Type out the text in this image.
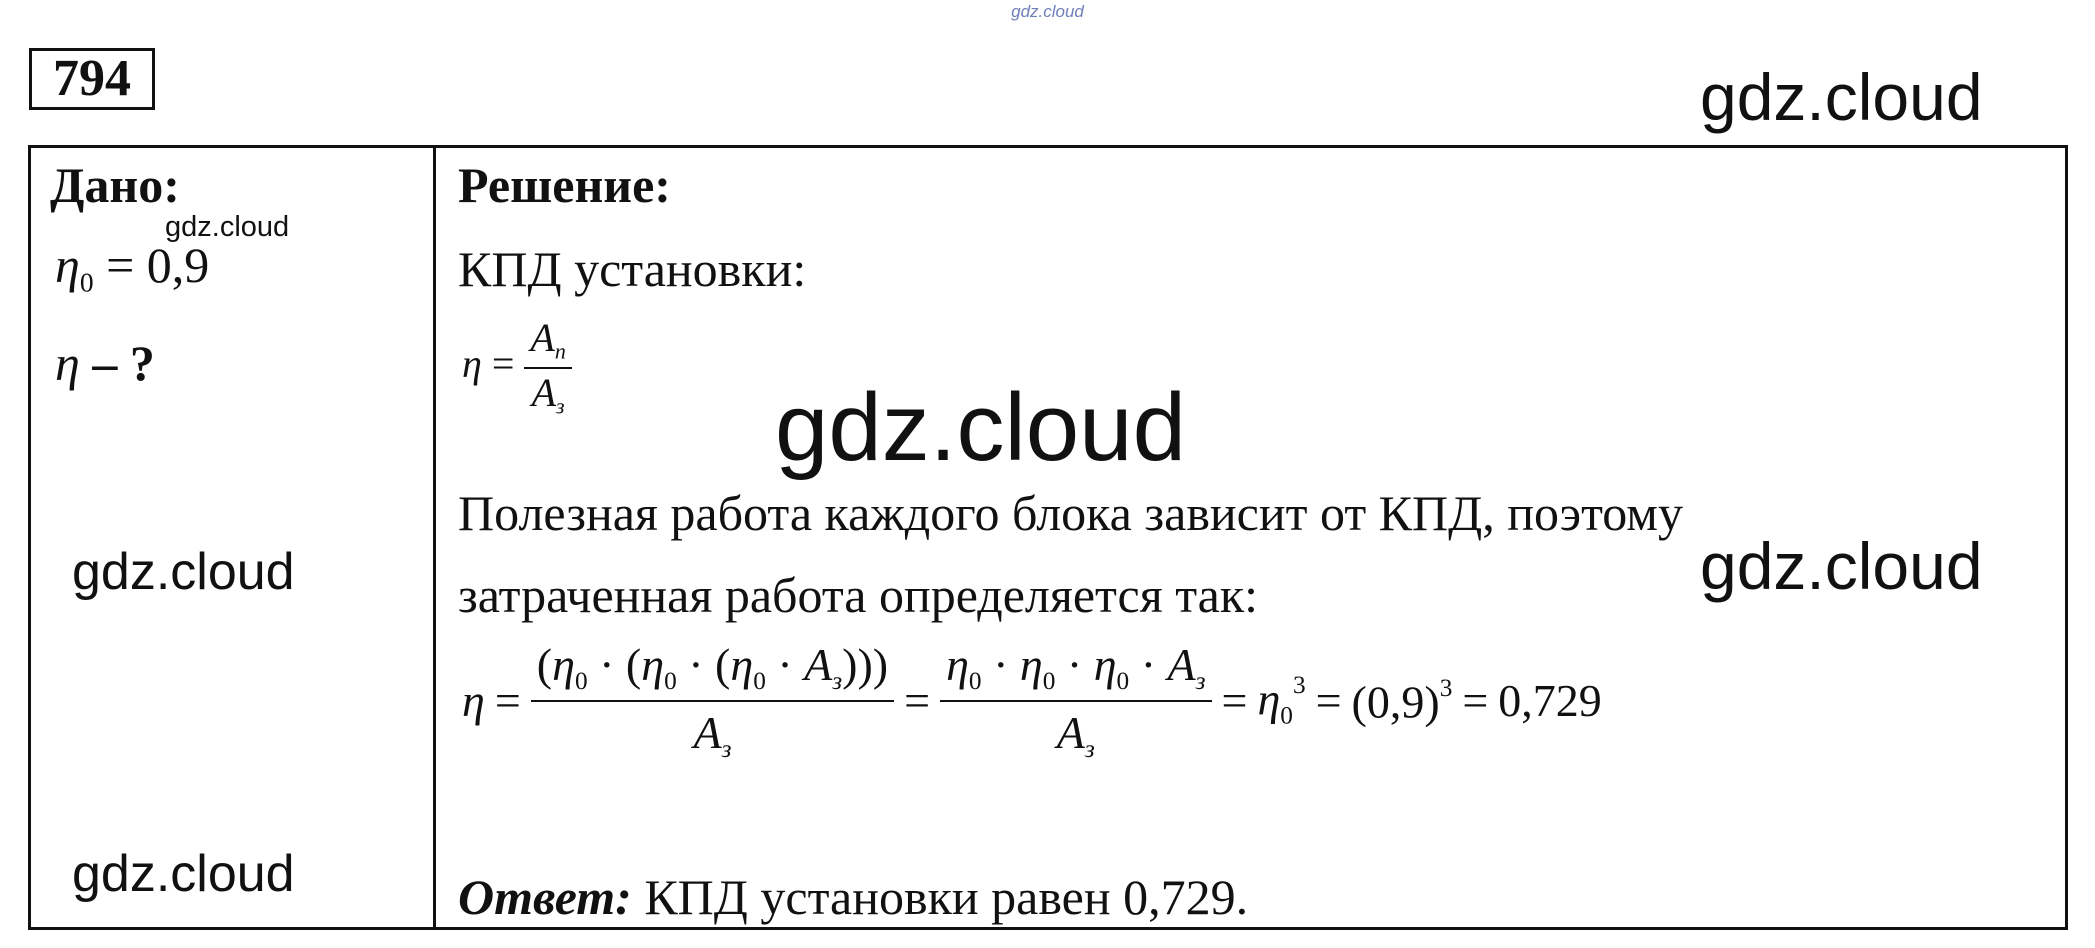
gdz.cloud
794	gdz.cloud
Дано:
gdz.cloud
$\eta_0 = 0,9$
η – ?
gdz.cloud
gdz.cloud
Решение:
КПД установки:
$\eta = \frac{Aп}{Aз}$
gdz.cloud
Полезная работа каждого блока зависит от КПД, поэтому
gdz.cloud
затраченная работа определяется так:
$\eta = \frac{(\eta_0 \cdot (\eta_0 \cdot (\eta_0 \cdot Aз)))}{Aз} = \frac{\eta_0 \cdot \eta_0 \cdot \eta_0 \cdot Aз}{Aз} = \eta_0^3 = (0,9)^3 = 0,729$
Ответ: КПД установки равен 0,729.
